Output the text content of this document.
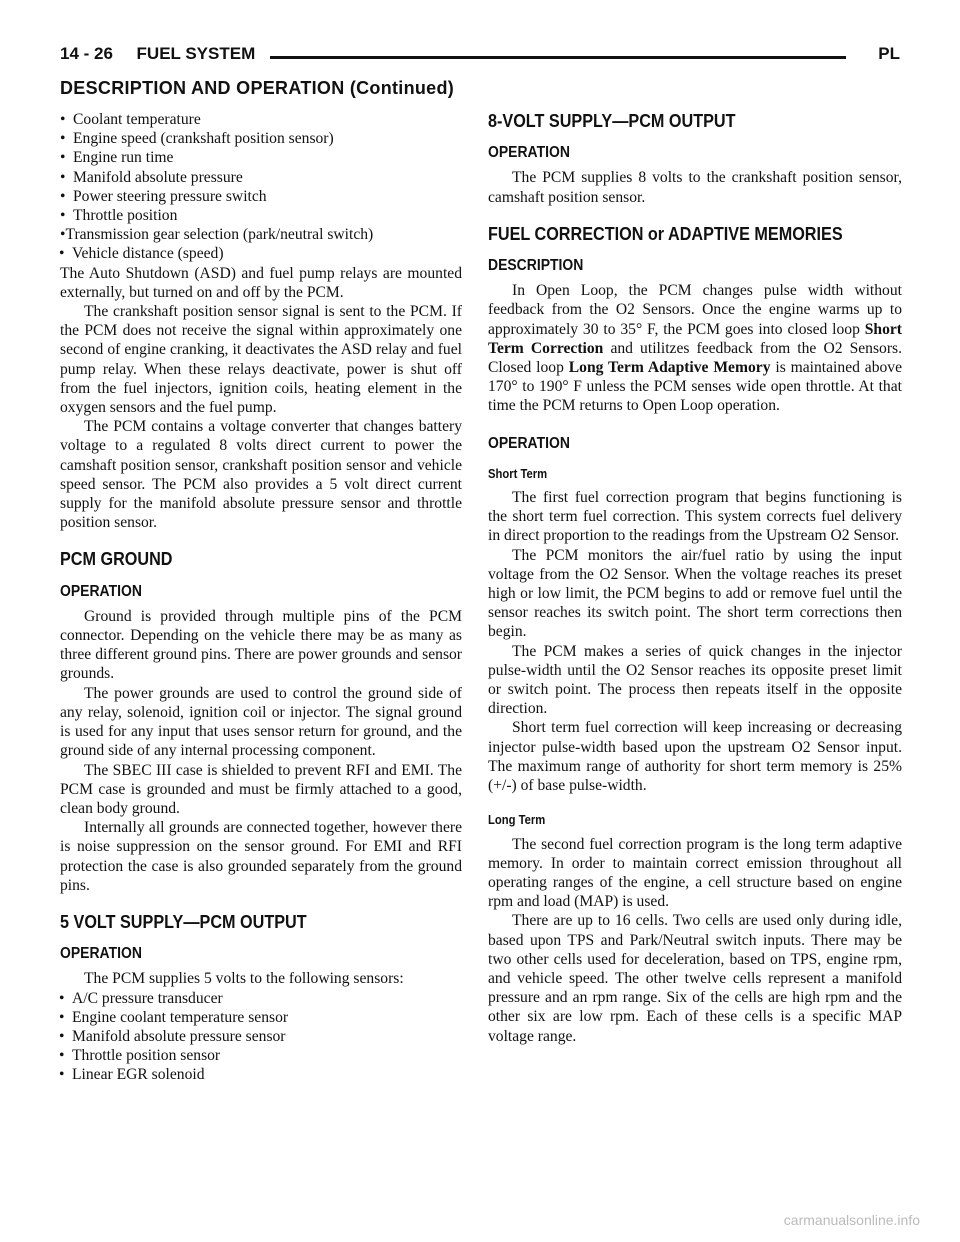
14 - 26     FUEL SYSTEM	PL
DESCRIPTION AND OPERATION (Continued)

• Coolant temperature

• Engine speed (crankshaft position sensor)

• Engine run time

• Manifold absolute pressure

• Power steering pressure switch

• Throttle position

•Transmission gear selection (park/neutral switch)

• Vehicle distance (speed)

The Auto Shutdown (ASD) and fuel pump relays are mounted externally, but turned on and off by the PCM.

The crankshaft position sensor signal is sent to the PCM. If the PCM does not receive the signal within approximately one second of engine cranking, it deactivates the ASD relay and fuel pump relay. When these relays deactivate, power is shut off from the fuel injectors, ignition coils, heating element in the oxygen sensors and the fuel pump.

The PCM contains a voltage converter that changes battery voltage to a regulated 8 volts direct current to power the camshaft position sensor, crankshaft position sensor and vehicle speed sensor. The PCM also provides a 5 volt direct current supply for the manifold absolute pressure sensor and throttle position sensor.

PCM GROUND
OPERATION

Ground is provided through multiple pins of the PCM connector. Depending on the vehicle there may be as many as three different ground pins. There are power grounds and sensor grounds.

The power grounds are used to control the ground side of any relay, solenoid, ignition coil or injector. The signal ground is used for any input that uses sensor return for ground, and the ground side of any internal processing component.

The SBEC III case is shielded to prevent RFI and EMI. The PCM case is grounded and must be firmly attached to a good, clean body ground.

Internally all grounds are connected together, however there is noise suppression on the sensor ground. For EMI and RFI protection the case is also grounded separately from the ground pins.

5 VOLT SUPPLY—PCM OUTPUT
OPERATION

The PCM supplies 5 volts to the following sensors:

• A/C pressure transducer

• Engine coolant temperature sensor

• Manifold absolute pressure sensor

• Throttle position sensor

• Linear EGR solenoid

8-VOLT SUPPLY—PCM OUTPUT
OPERATION

The PCM supplies 8 volts to the crankshaft position sensor, camshaft position sensor.

FUEL CORRECTION or ADAPTIVE MEMORIES
DESCRIPTION

In Open Loop, the PCM changes pulse width without feedback from the O2 Sensors. Once the engine warms up to approximately 30 to 35° F, the PCM goes into closed loop Short Term Correction and utilitzes feedback from the O2 Sensors. Closed loop Long Term Adaptive Memory is maintained above 170° to 190° F unless the PCM senses wide open throttle. At that time the PCM returns to Open Loop operation.

OPERATION
Short Term

The first fuel correction program that begins functioning is the short term fuel correction. This system corrects fuel delivery in direct proportion to the readings from the Upstream O2 Sensor.

The PCM monitors the air/fuel ratio by using the input voltage from the O2 Sensor. When the voltage reaches its preset high or low limit, the PCM begins to add or remove fuel until the sensor reaches its switch point. The short term corrections then begin.

The PCM makes a series of quick changes in the injector pulse-width until the O2 Sensor reaches its opposite preset limit or switch point. The process then repeats itself in the opposite direction.

Short term fuel correction will keep increasing or decreasing injector pulse-width based upon the upstream O2 Sensor input. The maximum range of authority for short term memory is 25% (+/-) of base pulse-width.

Long Term

The second fuel correction program is the long term adaptive memory. In order to maintain correct emission throughout all operating ranges of the engine, a cell structure based on engine rpm and load (MAP) is used.

There are up to 16 cells. Two cells are used only during idle, based upon TPS and Park/Neutral switch inputs. There may be two other cells used for deceleration, based on TPS, engine rpm, and vehicle speed. The other twelve cells represent a manifold pressure and an rpm range. Six of the cells are high rpm and the other six are low rpm. Each of these cells is a specific MAP voltage range.

carmanualsonline.info
